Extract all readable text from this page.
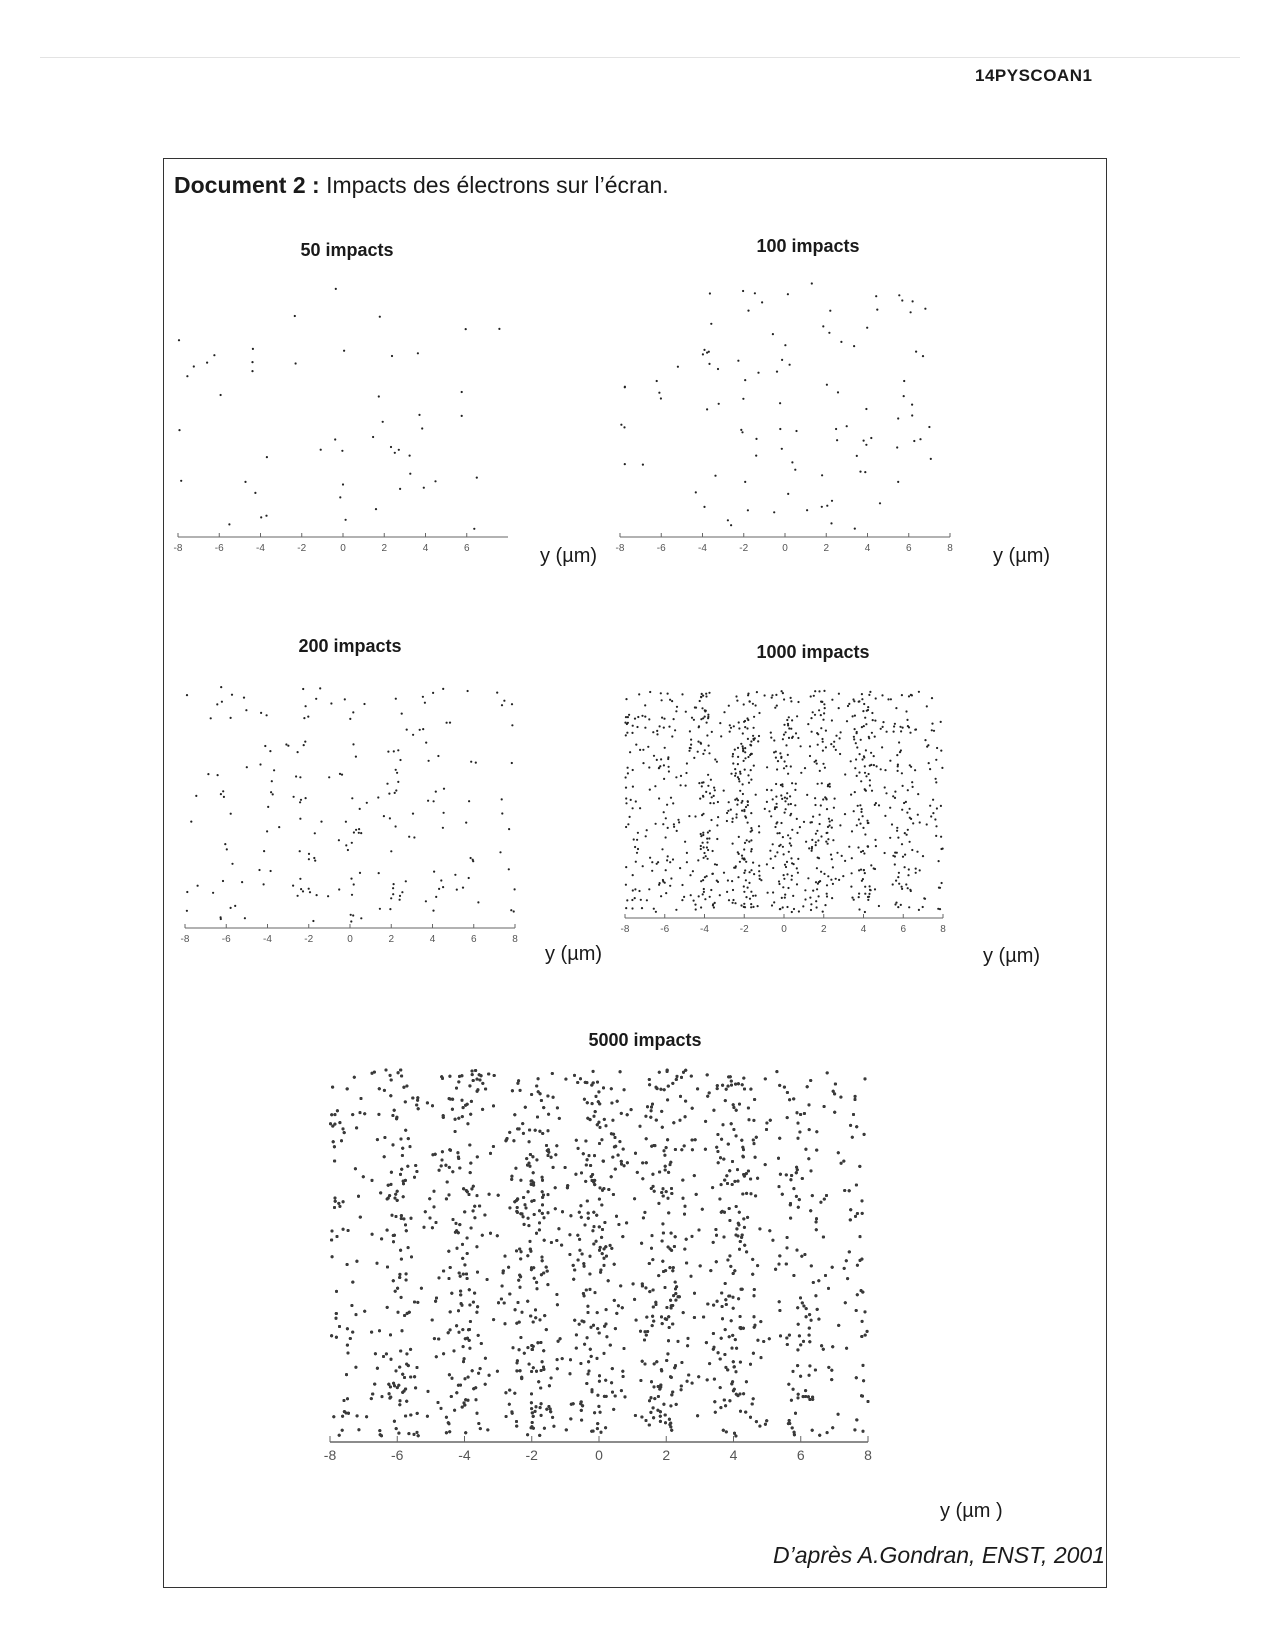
14PYSCOAN1
Document 2 : Impacts des électrons sur l’écran.
50 impacts
-8	-6	-4	-2	0	2	4	6	y (µm)
100 impacts
-8	-6	-4	-2	0	2	4	6	8 y (µm)
200 impacts
-8	-6	-4	-2	0	2	4	6	8
y (µm)
1000 impacts
-8	-6	-4	-2	0	2	4	6	8
y (µm)
5000 impacts
-8	-6	-4	-2	0	2	4	6	8
y (µm )
D’après A.Gondran, ENST, 2001
